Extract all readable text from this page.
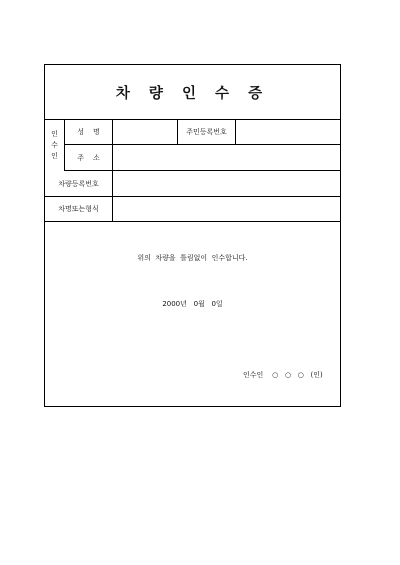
차 량 인 수 증
인
수
인
성    명	주민등록번호
주    소
차량등록번호
차명또는형식
위의  차량을  틀림없이  인수합니다.
2000년   0월   0일
인수인    ○   ○   ○   (인)
